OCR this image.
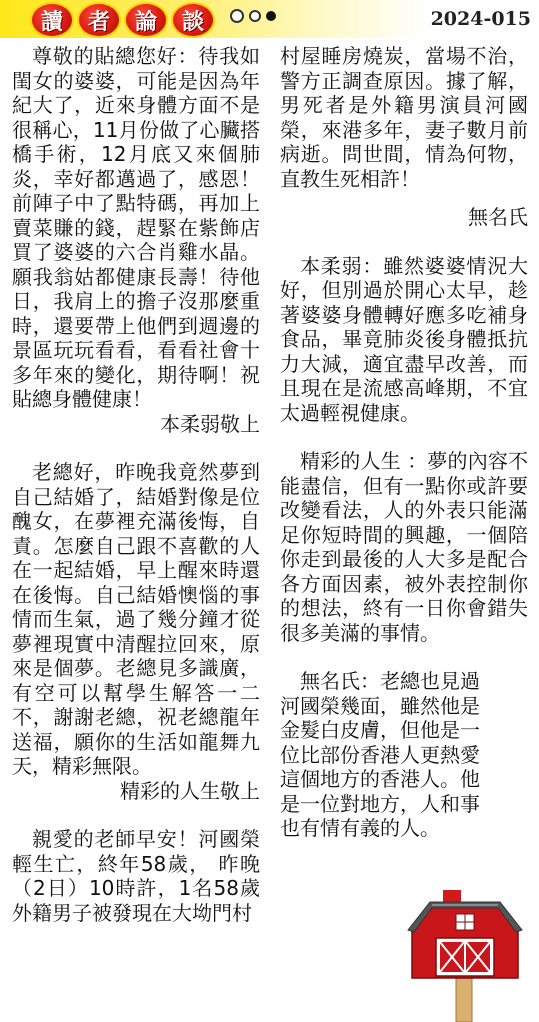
讀	者	論	談	2024-015

尊敬的貼總您好：待我如閨女的婆婆，可能是因為年紀大了，近來身體方面不是很稱心，11月份做了心臟搭橋手術，12月底又來個肺炎，幸好都邁過了，感恩！前陣子中了點特碼，再加上賣菜賺的錢，趕緊在紫飾店買了婆婆的六合肖雞水晶。願我翁姑都健康長壽！待他日，我肩上的擔子沒那麼重時，還要帶上他們到週邊的景區玩玩看看，看看社會十多年來的變化，期待啊！祝貼總身體健康！

本柔弱敬上

老總好，昨晚我竟然夢到自己結婚了，結婚對像是位醜女，在夢裡充滿後悔，自責。怎麼自己跟不喜歡的人在一起結婚，早上醒來時還在後悔。自己結婚懊惱的事情而生氣，過了幾分鐘才從夢裡現實中清醒拉回來，原來是個夢。老總見多識廣，有空可以幫學生解答一二不，謝謝老總，祝老總龍年送福，願你的生活如龍舞九天，精彩無限。

精彩的人生敬上

親愛的老師早安！河國榮輕生亡，終年58歲， 昨晚（2日）10時許，1名58歲外籍男子被發現在大坳門村

村屋睡房燒炭，當場不治，警方正調查原因。據了解，男死者是外籍男演員河國榮，來港多年，妻子數月前病逝。問世間，情為何物，直教生死相許！

無名氏

本柔弱：雖然婆婆情況大好，但別過於開心太早，趁著婆婆身體轉好應多吃補身食品，畢竟肺炎後身體抵抗力大減，適宜盡早改善，而且現在是流感高峰期，不宜太過輕視健康。

精彩的人生 ：夢的內容不能盡信，但有一點你或許要改變看法，人的外表只能滿足你短時間的興趣，一個陪你走到最後的人大多是配合各方面因素，被外表控制你的想法，終有一日你會錯失很多美滿的事情。

無名氏：老總也見過河國榮幾面，雖然他是金髮白皮膚，但他是一位比部份香港人更熱愛這個地方的香港人。他是一位對地方，人和事也有情有義的人。
